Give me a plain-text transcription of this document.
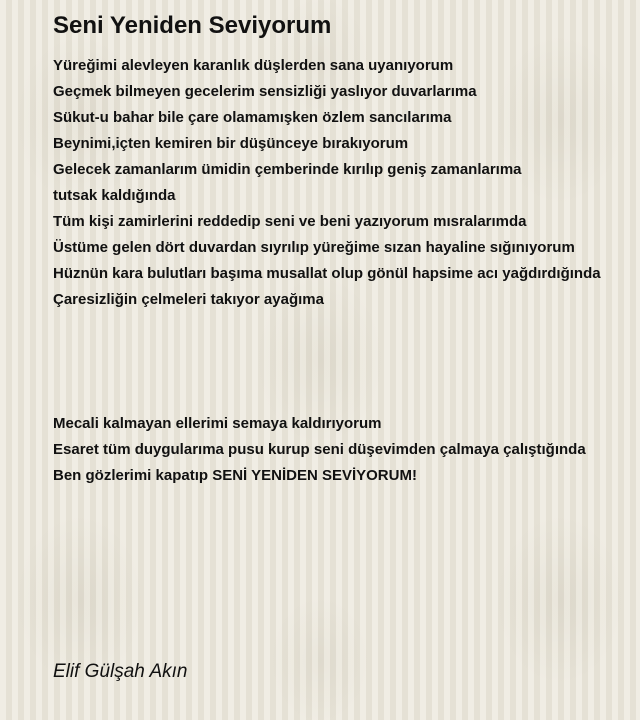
Seni Yeniden Seviyorum
Yüreğimi alevleyen karanlık düşlerden sana uyanıyorum
Geçmek bilmeyen gecelerim sensizliği yaslıyor duvarlarıma
Sükut-u bahar bile çare olamamışken özlem sancılarıma
Beynimi,içten kemiren bir düşünceye bırakıyorum
Gelecek zamanlarım ümidin çemberinde kırılıp geniş zamanlarıma
tutsak kaldığında
Tüm kişi zamirlerini reddedip seni ve beni yazıyorum mısralarımda
Üstüme gelen dört duvardan sıyrılıp yüreğime sızan hayaline sığınıyorum
Hüznün kara bulutları başıma musallat olup gönül hapsime acı yağdırdığında
Çaresizliğin çelmeleri takıyor ayağıma
Mecali kalmayan ellerimi semaya kaldırıyorum
Esaret tüm duygularıma pusu kurup seni düşevimden çalmaya çalıştığında
Ben gözlerimi kapatıp SENİ YENİDEN SEVİYORUM!

Elif Gülşah Akın
